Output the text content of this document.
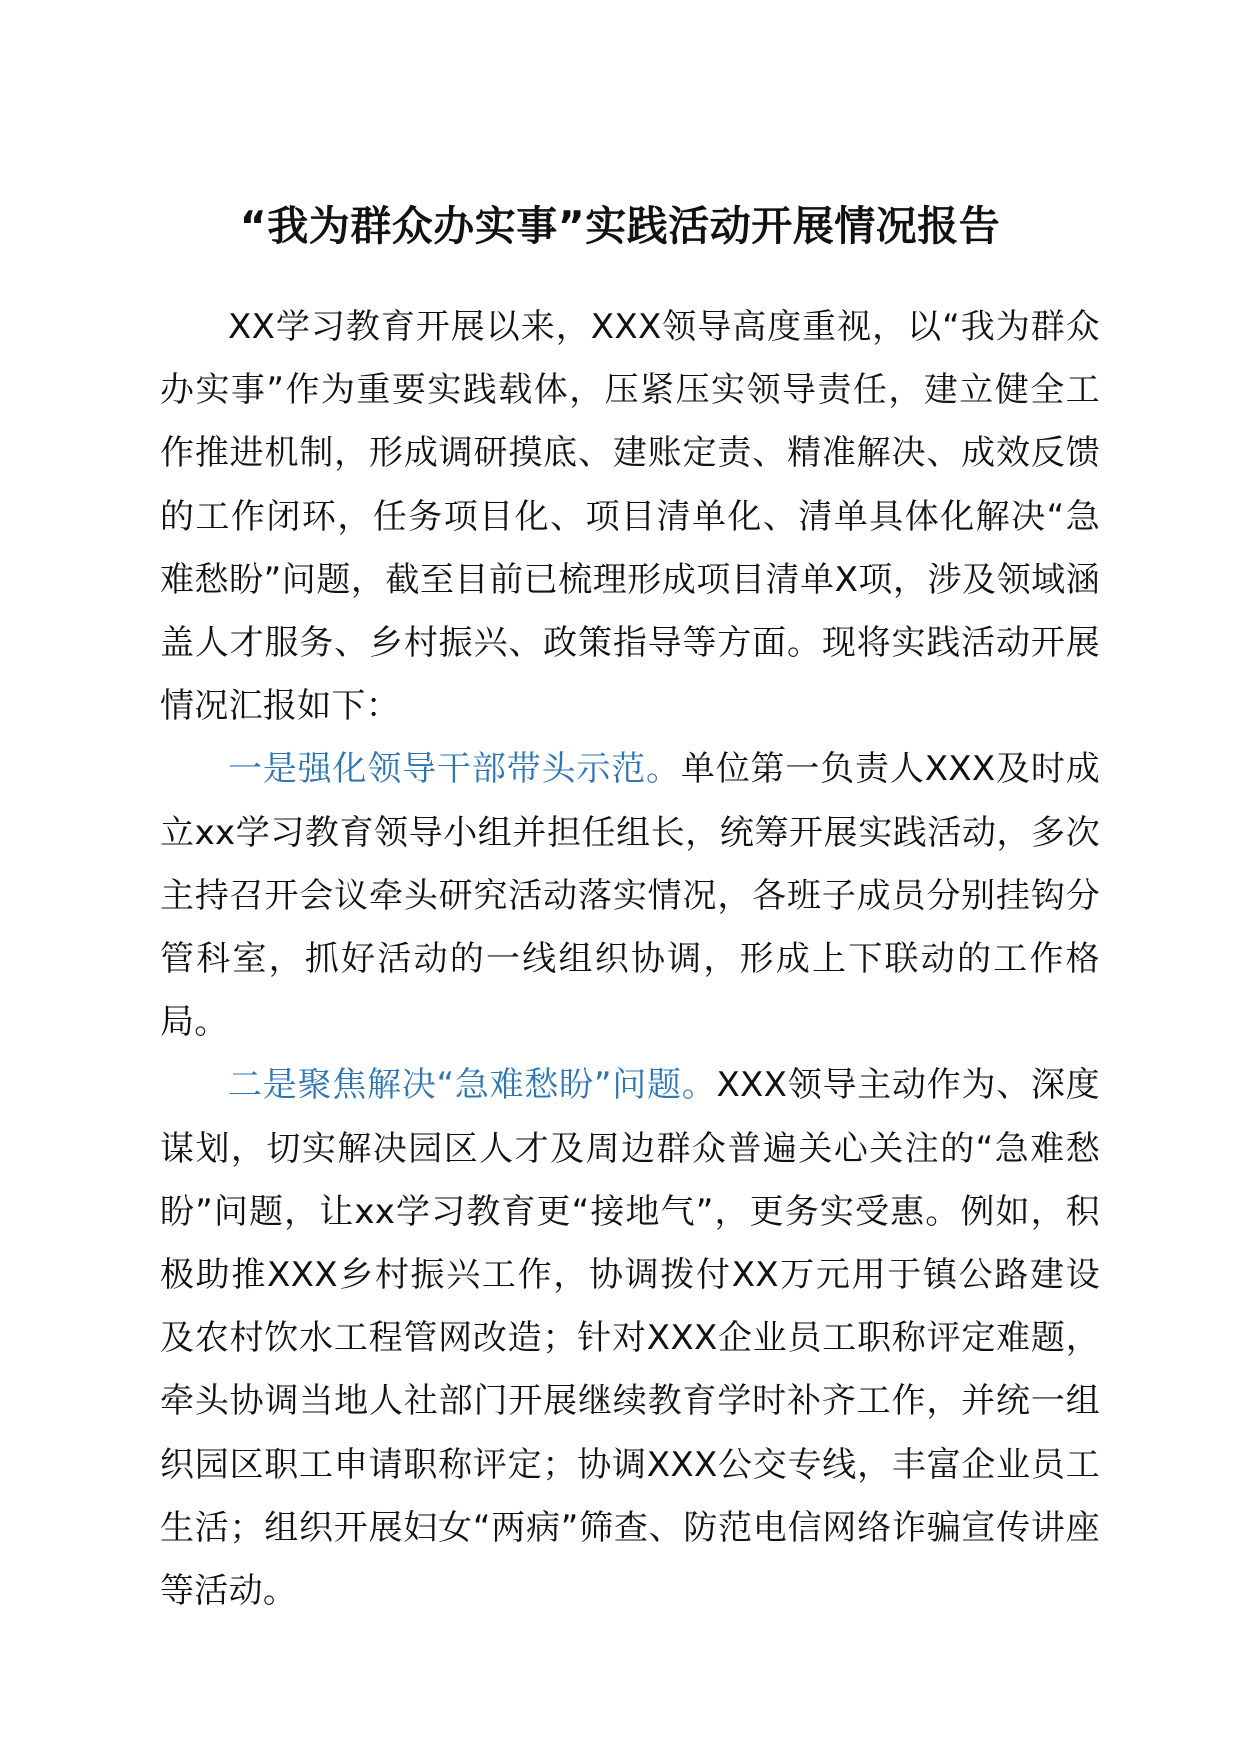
“我为群众办实事”实践活动开展情况报告

XX学习教育开展以来，XXX领导高度重视，以“我为群众办实事”作为重要实践载体，压紧压实领导责任，建立健全工作推进机制，形成调研摸底、建账定责、精准解决、成效反馈的工作闭环，任务项目化、项目清单化、清单具体化解决“急难愁盼”问题，截至目前已梳理形成项目清单X项，涉及领域涵盖人才服务、乡村振兴、政策指导等方面。现将实践活动开展情况汇报如下：

一是强化领导干部带头示范。单位第一负责人XXX及时成立xx学习教育领导小组并担任组长，统筹开展实践活动，多次主持召开会议牵头研究活动落实情况，各班子成员分别挂钩分管科室，抓好活动的一线组织协调，形成上下联动的工作格局。

二是聚焦解决“急难愁盼”问题。XXX领导主动作为、深度谋划，切实解决园区人才及周边群众普遍关心关注的“急难愁盼”问题，让xx学习教育更“接地气”，更务实受惠。例如，积极助推XXX乡村振兴工作，协调拨付XX万元用于镇公路建设及农村饮水工程管网改造；针对XXX企业员工职称评定难题，牵头协调当地人社部门开展继续教育学时补齐工作，并统一组织园区职工申请职称评定；协调XXX公交专线，丰富企业员工生活；组织开展妇女“两病”筛查、防范电信网络诈骗宣传讲座等活动。
